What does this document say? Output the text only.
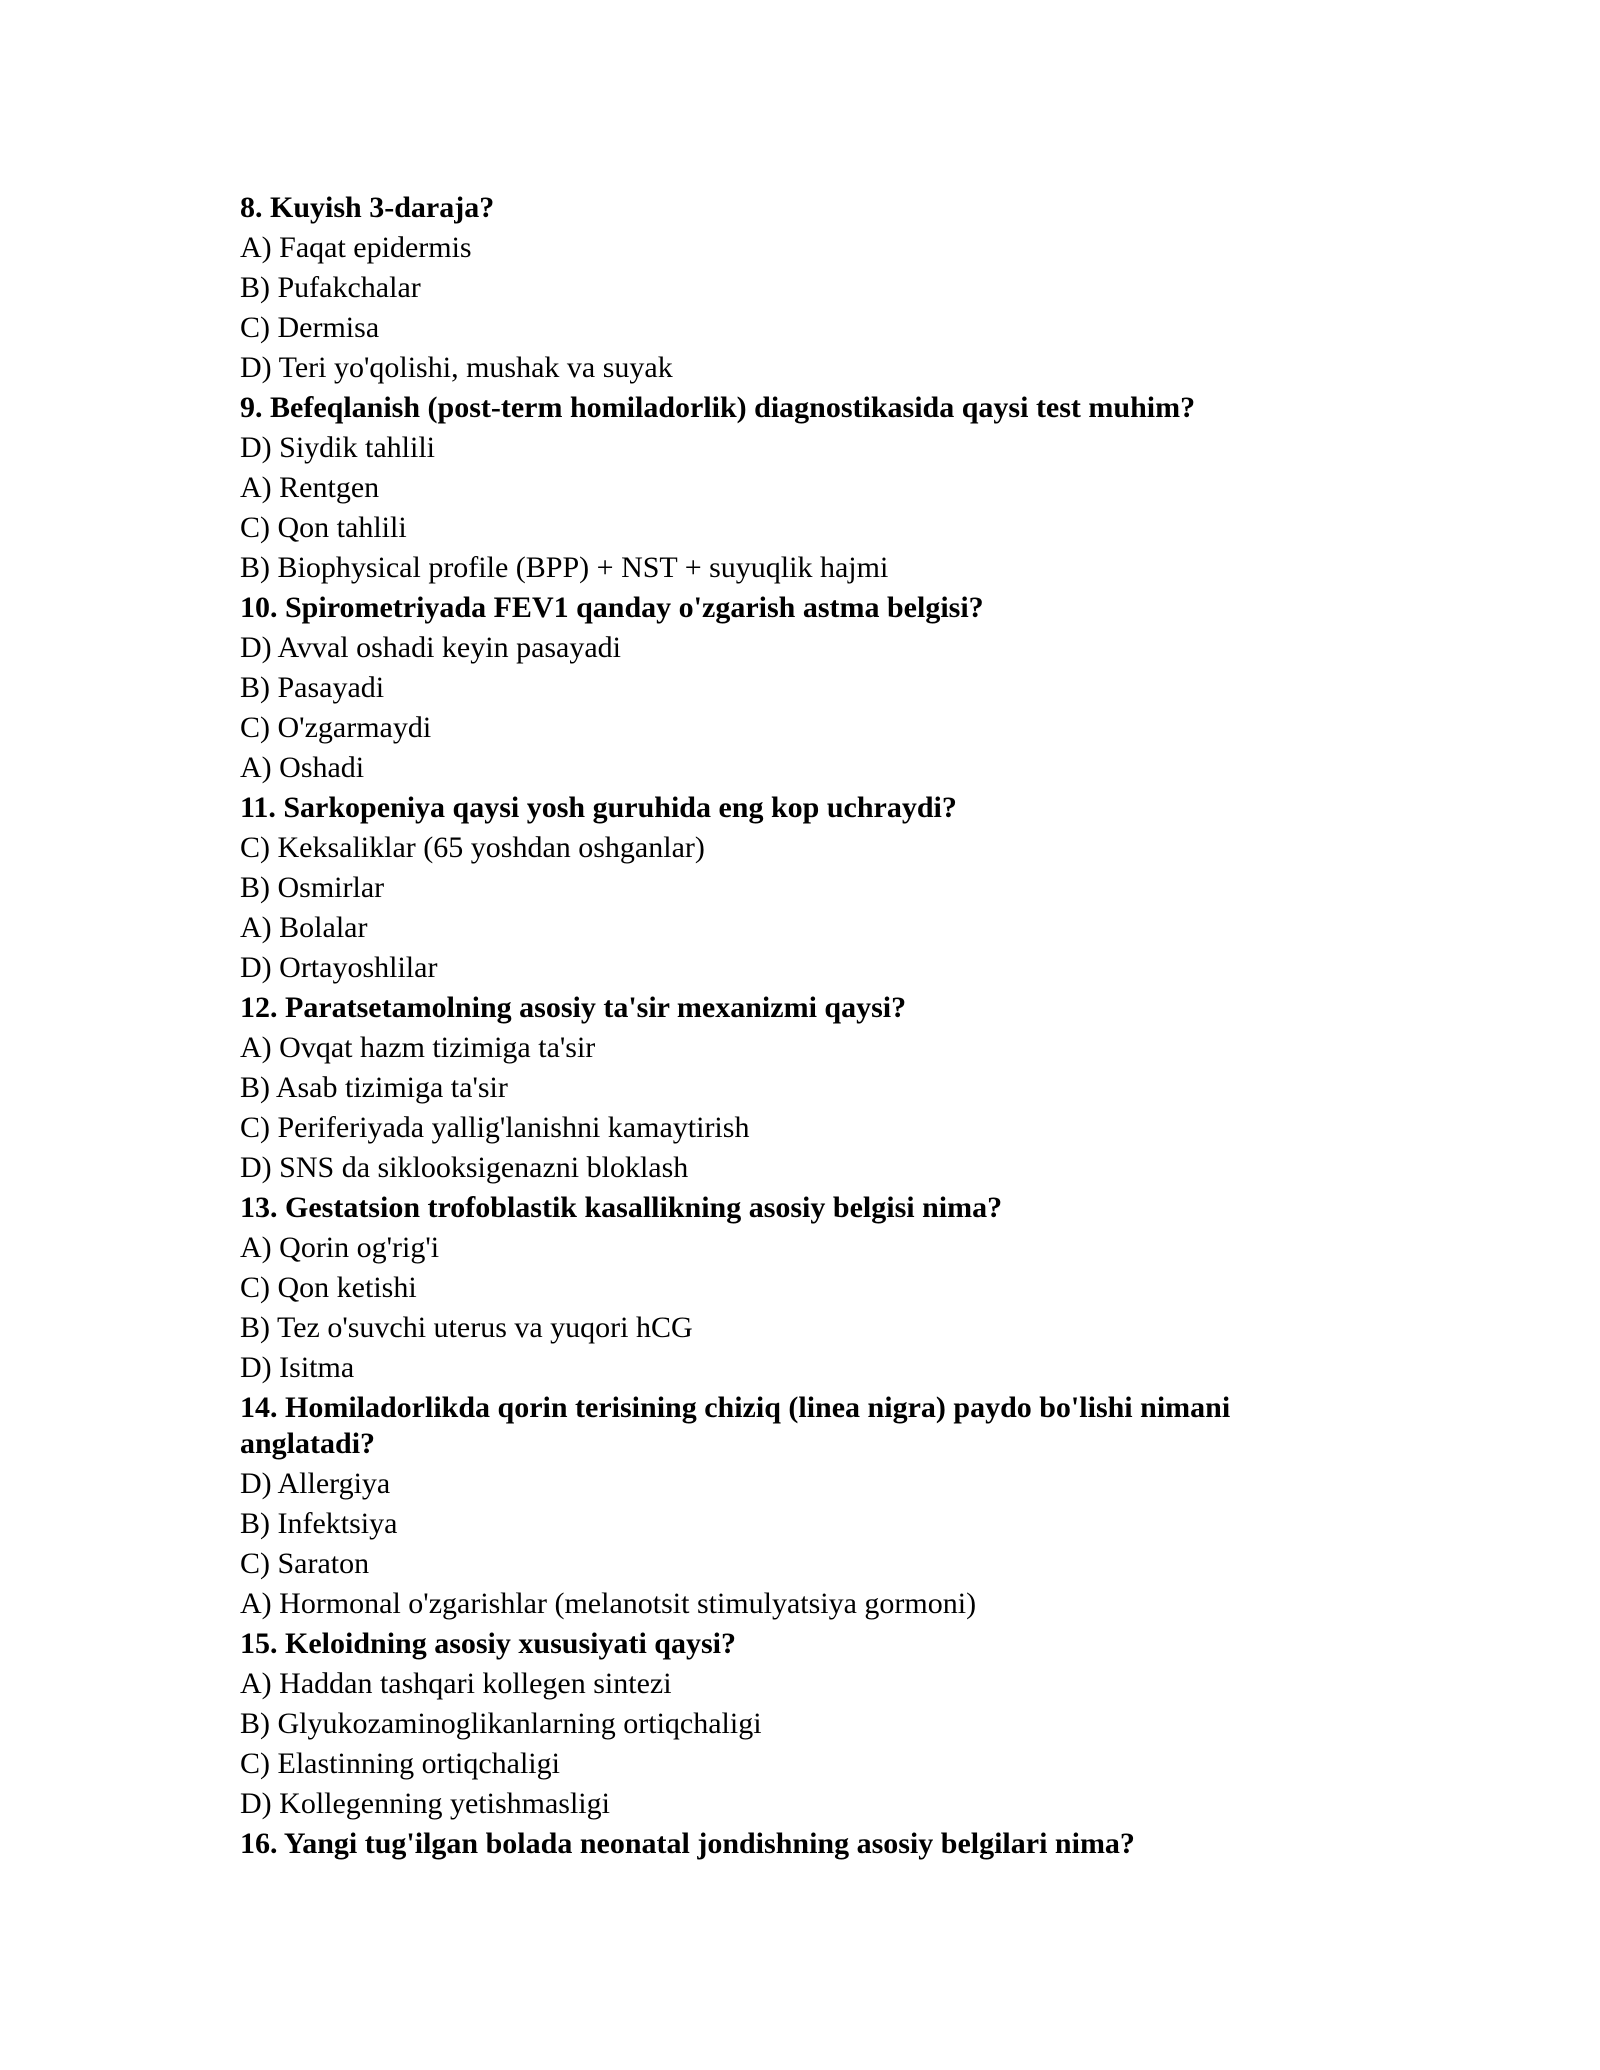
8. Kuyish 3-daraja?

A) Faqat epidermis

B) Pufakchalar

C) Dermisa

D) Teri yo'qolishi, mushak va suyak

9. Befeqlanish (post-term homiladorlik) diagnostikasida qaysi test muhim?

D) Siydik tahlili

A) Rentgen

C) Qon tahlili

B) Biophysical profile (BPP) + NST + suyuqlik hajmi

10. Spirometriyada FEV1 qanday o'zgarish astma belgisi?

D) Avval oshadi keyin pasayadi

B) Pasayadi

C) O'zgarmaydi

A) Oshadi

11. Sarkopeniya qaysi yosh guruhida eng kop uchraydi?

C) Keksaliklar (65 yoshdan oshganlar)

B) Osmirlar

A) Bolalar

D) Ortayoshlilar

12. Paratsetamolning asosiy ta'sir mexanizmi qaysi?

A) Ovqat hazm tizimiga ta'sir

B) Asab tizimiga ta'sir

C) Periferiyada yallig'lanishni kamaytirish

D) SNS da siklooksigenazni bloklash

13. Gestatsion trofoblastik kasallikning asosiy belgisi nima?

A) Qorin og'rig'i

C) Qon ketishi

B) Tez o'suvchi uterus va yuqori hCG

D) Isitma

14. Homiladorlikda qorin terisining chiziq (linea nigra) paydo bo'lishi nimani anglatadi?

D) Allergiya

B) Infektsiya

C) Saraton

A) Hormonal o'zgarishlar (melanotsit stimulyatsiya gormoni)

15. Keloidning asosiy xususiyati qaysi?

A) Haddan tashqari kollegen sintezi

B) Glyukozaminoglikanlarning ortiqchaligi

C) Elastinning ortiqchaligi

D) Kollegenning yetishmasligi

16. Yangi tug'ilgan bolada neonatal jondishning asosiy belgilari nima?
